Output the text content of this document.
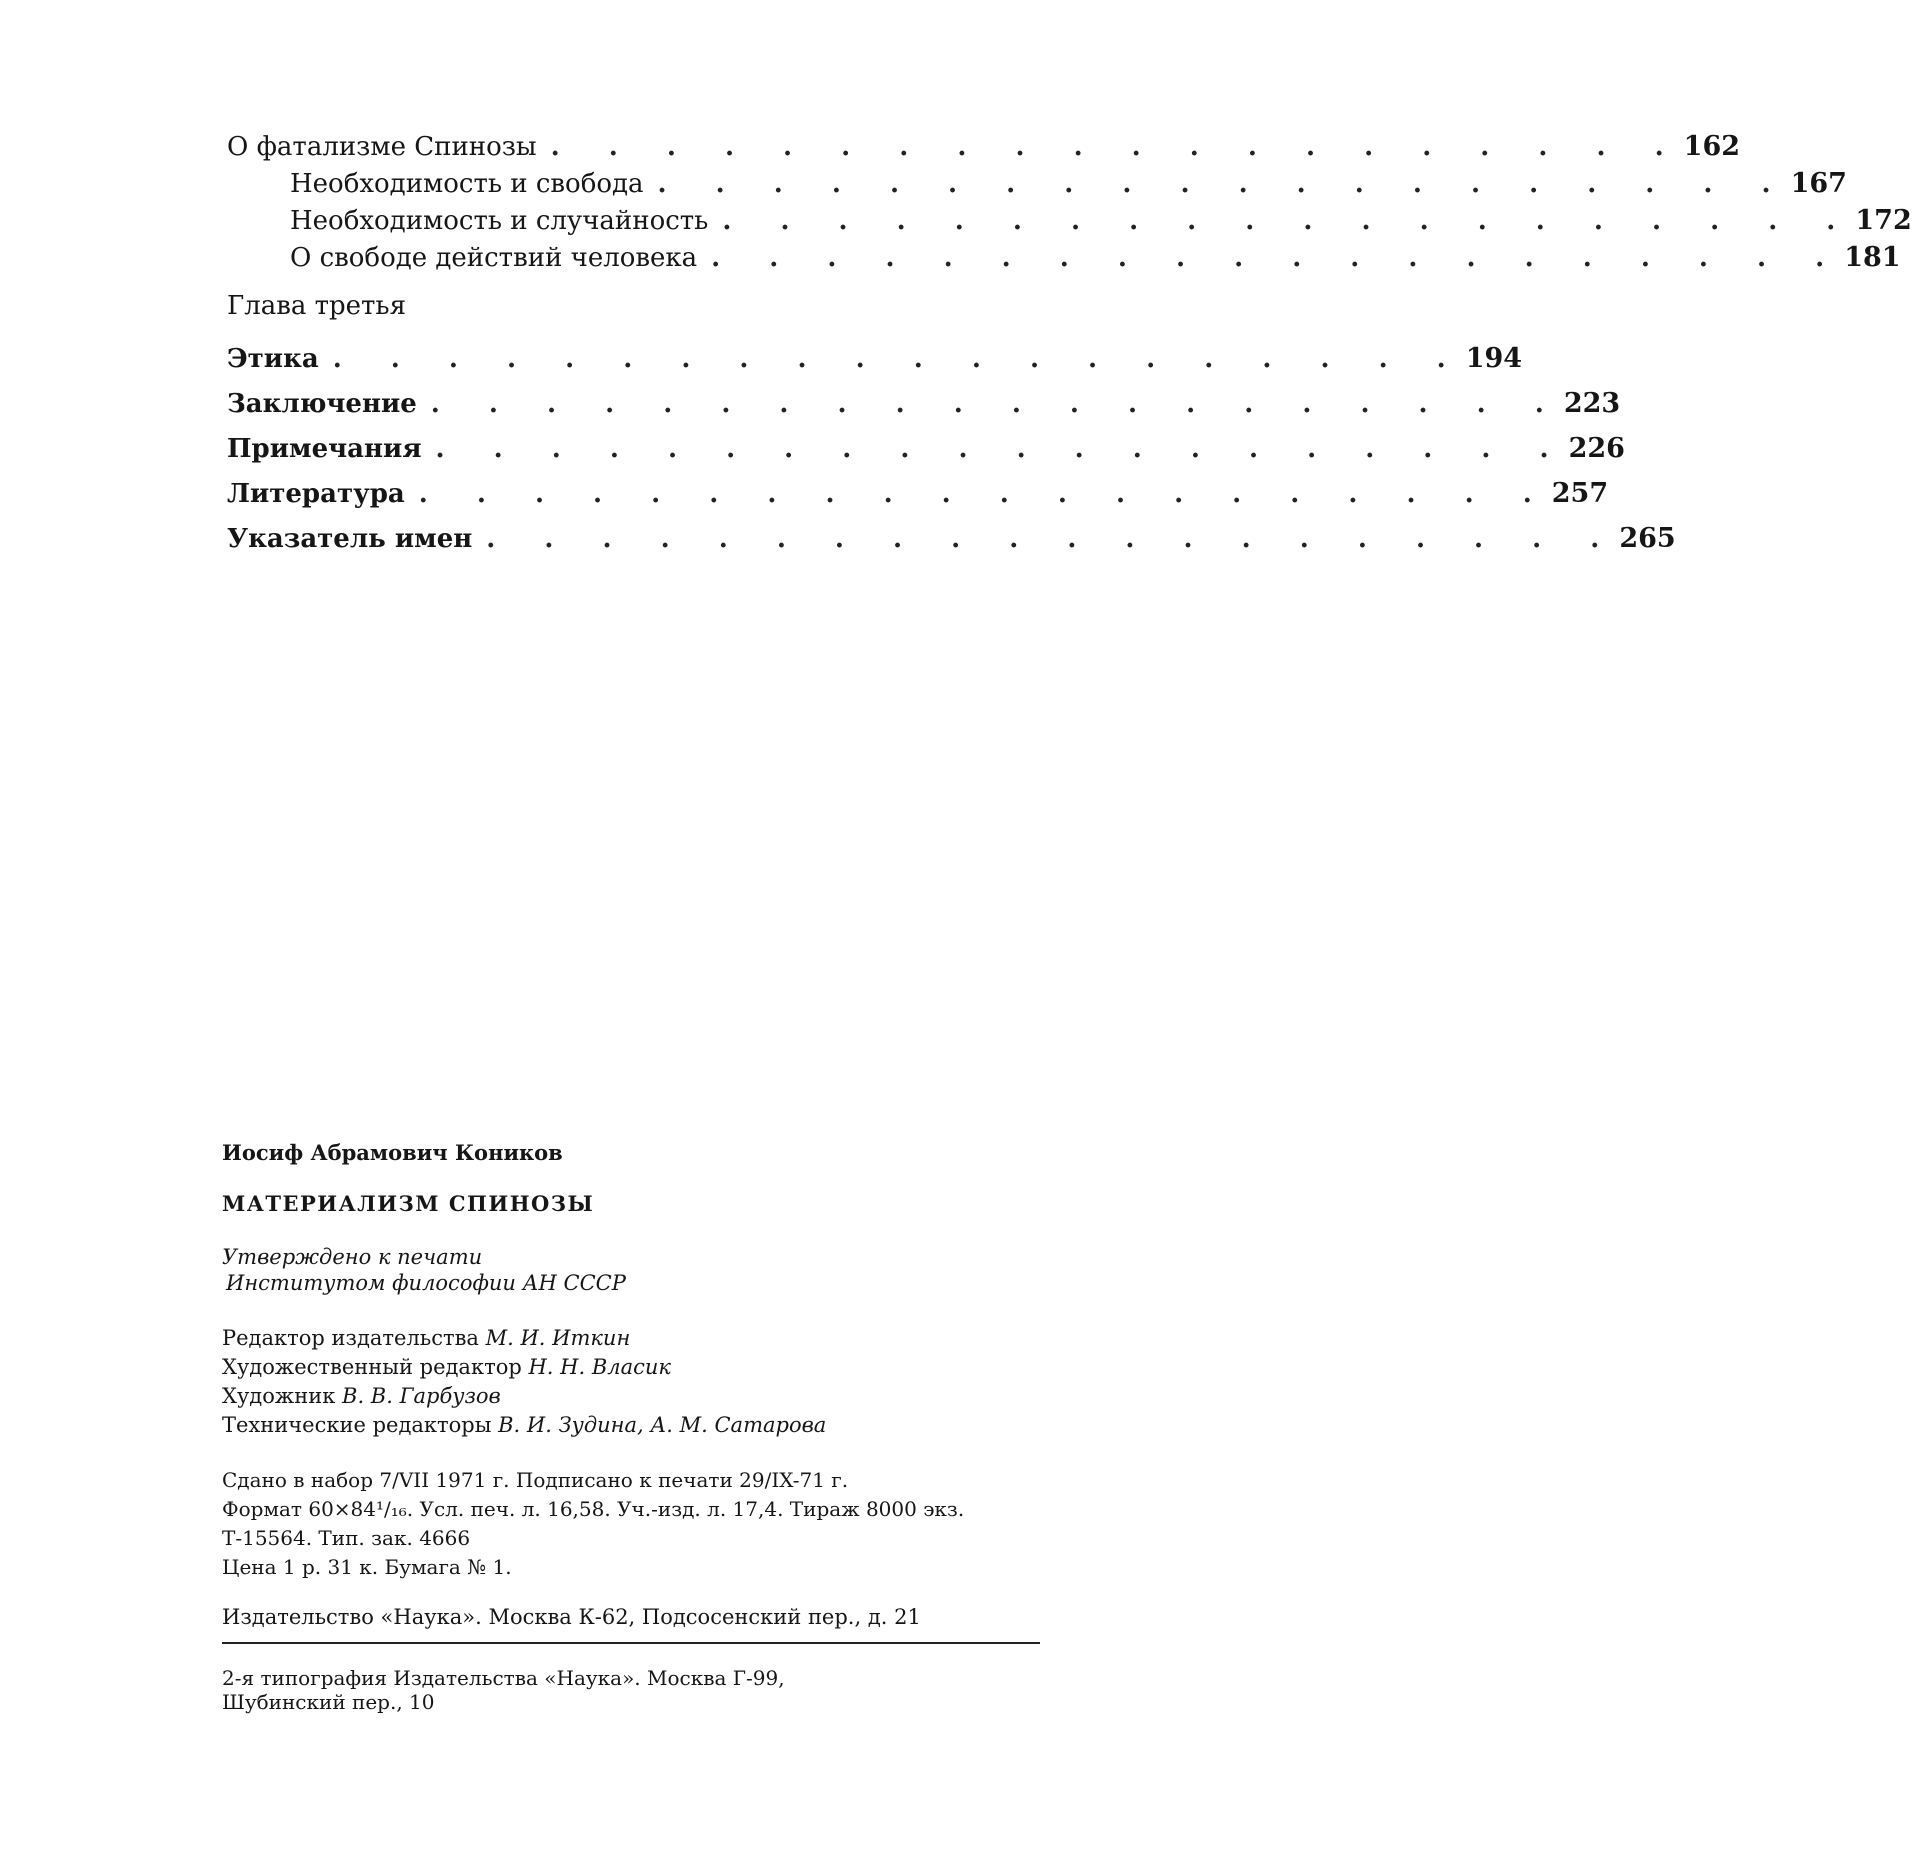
О фатализме Спинозы . . . . . . . . . . . . . . . . . . . . 162
Необходимость и свобода . . . . . . . . . . . . . . . . . . . . 167
Необходимость и случайность . . . . . . . . . . . . . . . . . . . . 172
О свободе действий человека . . . . . . . . . . . . . . . . . . . . 181
Глава третья
Этика . . . . . . . . . . . . . . . . . . . . 194
Заключение . . . . . . . . . . . . . . . . . . . . 223
Примечания . . . . . . . . . . . . . . . . . . . . 226
Литература . . . . . . . . . . . . . . . . . . . . 257
Указатель имен . . . . . . . . . . . . . . . . . . . . 265
Иосиф Абрамович Коников
МАТЕРИАЛИЗМ СПИНОЗЫ
Утверждено к печати
Институтом философии АН СССР
Редактор издательства М. И. Иткин
Художественный редактор Н. Н. Власик
Художник В. В. Гарбузов
Технические редакторы В. И. Зудина, А. М. Сатарова
Сдано в набор 7/VII 1971 г. Подписано к печати 29/IX-71 г.
Формат 60×84¹/₁₆. Усл. печ. л. 16,58. Уч.-изд. л. 17,4. Тираж 8000 экз.
Т-15564. Тип. зак. 4666
Цена 1 р. 31 к. Бумага № 1.
Издательство «Наука». Москва К-62, Подсосенский пер., д. 21
2-я типография Издательства «Наука». Москва Г-99,
Шубинский пер., 10
